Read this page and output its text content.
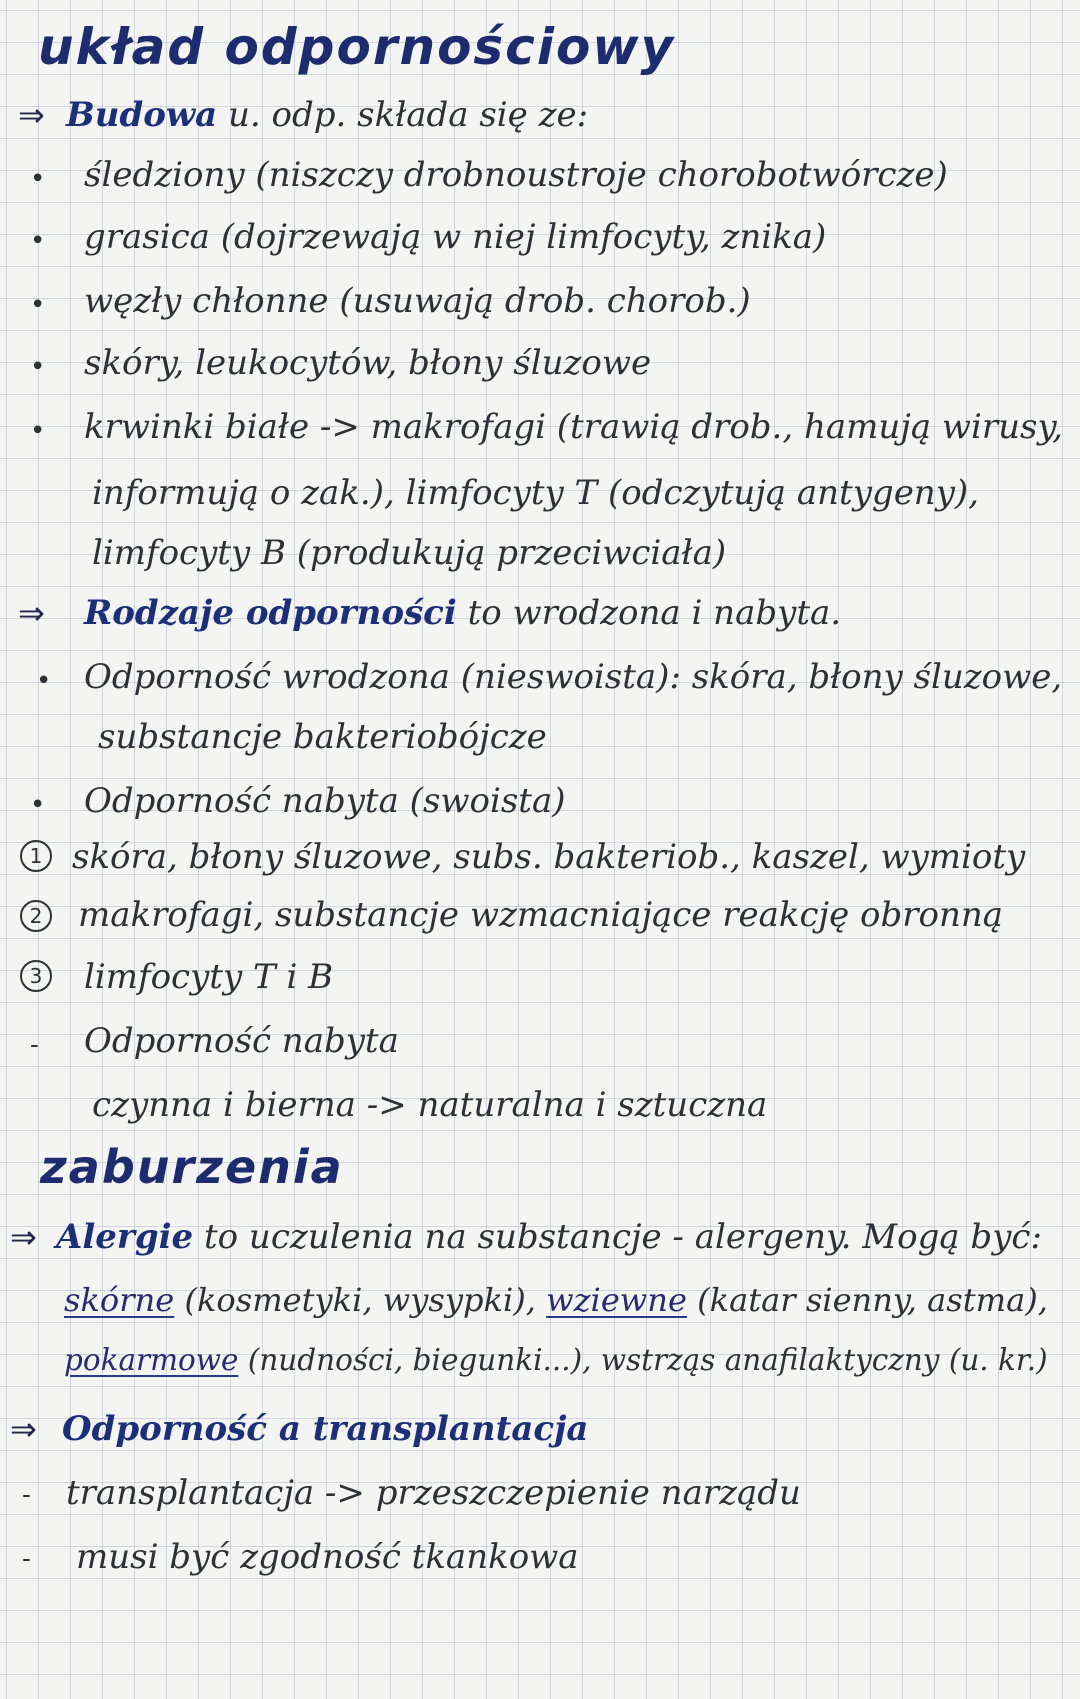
układ odpornościowy
⇒ Budowa u. odp. składa się ze:
• śledziony (niszczy drobnoustroje chorobotwórcze)
• grasica (dojrzewają w niej limfocyty, znika)
• węzły chłonne (usuwają drob. chorob.)
• skóry, leukocytów, błony śluzowe
• krwinki białe -> makrofagi (trawią drob., hamują wirusy,
informują o zak.), limfocyty T (odczytują antygeny),
limfocyty B (produkują przeciwciała)
⇒ Rodzaje odporności to wrodzona i nabyta.
• Odporność wrodzona (nieswoista): skóra, błony śluzowe,
substancje bakteriobójcze
• Odporność nabyta (swoista)
1 skóra, błony śluzowe, subs. bakteriob., kaszel, wymioty
2 makrofagi, substancje wzmacniające reakcję obronną
3 limfocyty T i B
- Odporność nabyta
czynna i bierna -> naturalna i sztuczna
zaburzenia
⇒ Alergie to uczulenia na substancje - alergeny. Mogą być:
skórne (kosmetyki, wysypki), wziewne (katar sienny, astma),
pokarmowe (nudności, biegunki...), wstrząs anafilaktyczny (u. kr.)
⇒ Odporność a transplantacja
- transplantacja -> przeszczepienie narządu
- musi być zgodność tkankowa
